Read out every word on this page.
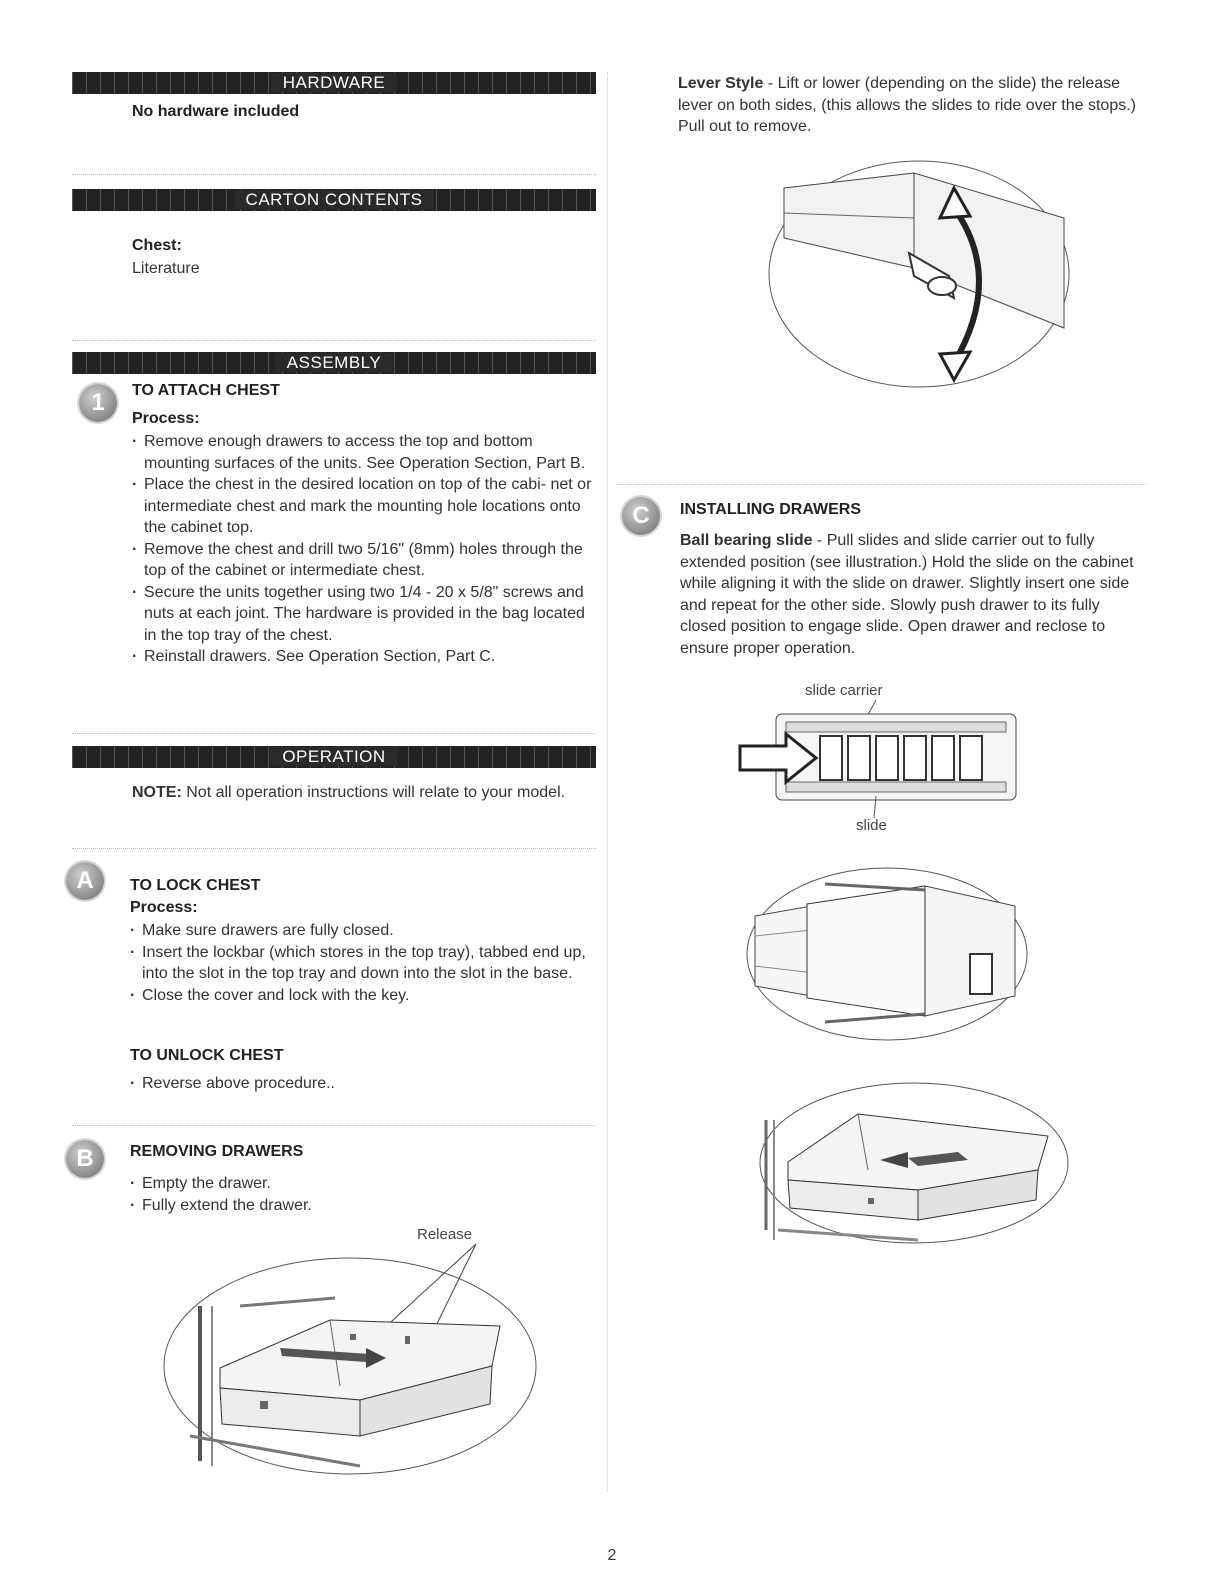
HARDWARE
No hardware included
CARTON CONTENTS
Chest:
Literature
ASSEMBLY
1	TO ATTACH CHEST
Process:
· Remove enough drawers to access the top and bottom mounting surfaces of the units. See Operation Section, Part B.
· Place the chest in the desired location on top of the cabi- net or intermediate chest and mark the mounting hole locations onto the cabinet top.
· Remove the chest and drill two 5/16" (8mm) holes through the top of the cabinet or intermediate chest.
· Secure the units together using two 1/4 - 20 x 5/8" screws and nuts at each joint. The hardware is provided in the bag located in the top tray of the chest.
· Reinstall drawers. See Operation Section, Part C.
OPERATION
NOTE: Not all operation instructions will relate to your model.
A	TO LOCK CHEST
Process:
· Make sure drawers are fully closed.
· Insert the lockbar (which stores in the top tray), tabbed end up, into the slot in the top tray and down into the slot in the base.
· Close the cover and lock with the key.
TO UNLOCK CHEST
· Reverse above procedure..
B	REMOVING DRAWERS
· Empty the drawer.
· Fully extend the drawer.
Release
Lever Style - Lift or lower (depending on the slide) the release lever on both sides, (this allows the slides to ride over the stops.) Pull out to remove.
C	INSTALLING DRAWERS
Ball bearing slide - Pull slides and slide carrier out to fully extended position (see illustration.) Hold the slide on the cabinet while aligning it with the slide on drawer. Slightly insert one side and repeat for the other side. Slowly push drawer to its fully closed position to engage slide. Open drawer and reclose to ensure proper operation.
slide carrier
slide
2
